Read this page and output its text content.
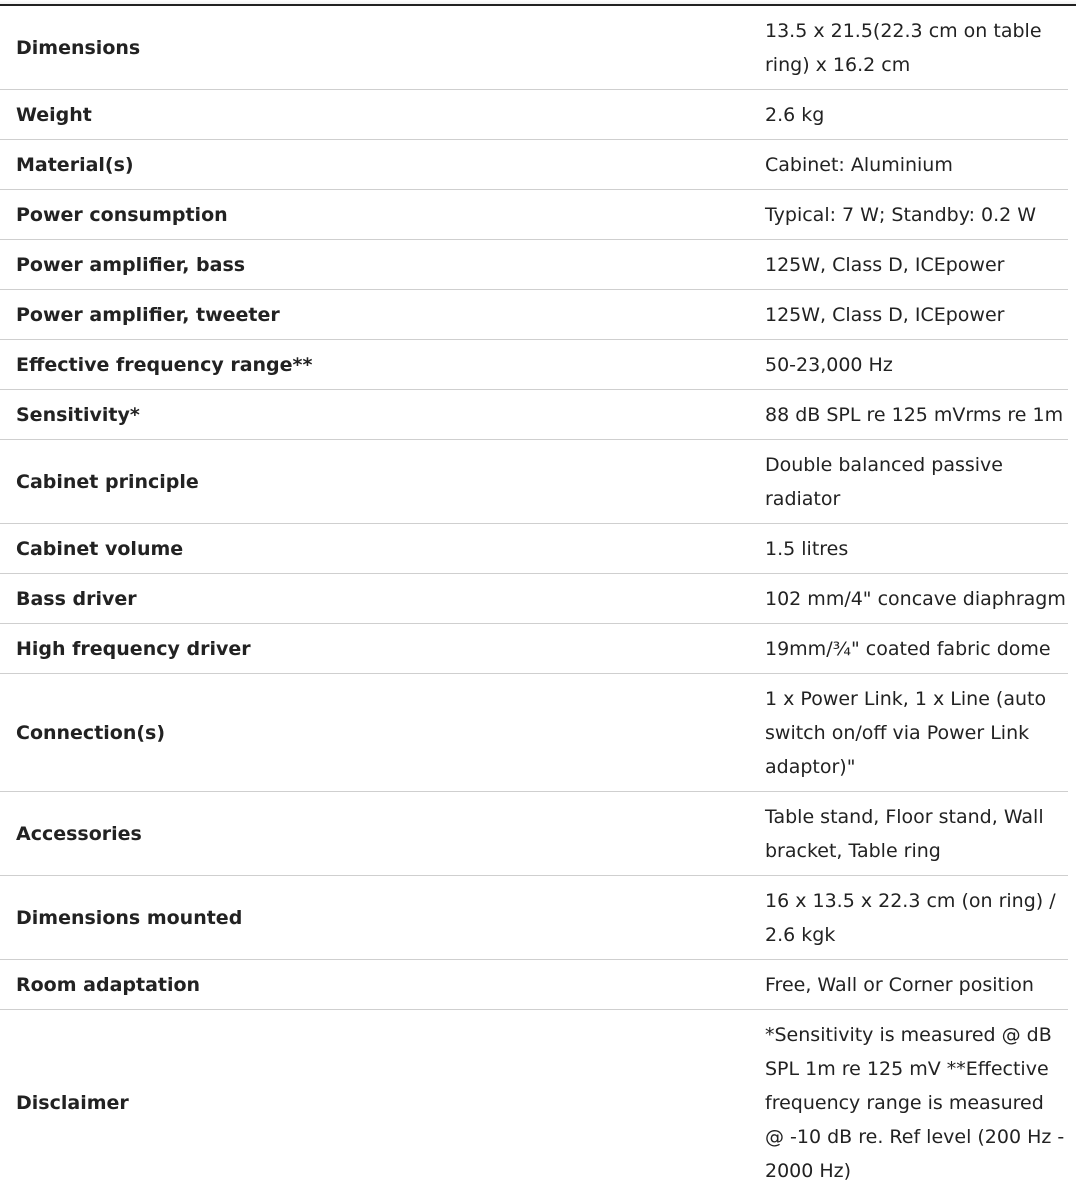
Dimensions	13.5 x 21.5(22.3 cm on table ring) x 16.2 cm
Weight	2.6 kg
Material(s)	Cabinet: Aluminium
Power consumption	Typical: 7 W; Standby: 0.2 W
Power amplifier, bass	125W, Class D, ICEpower
Power amplifier, tweeter	125W, Class D, ICEpower
Effective frequency range**	50-23,000 Hz
Sensitivity*	88 dB SPL re 125 mVrms re 1m
Cabinet principle	Double balanced passive radiator
Cabinet volume	1.5 litres
Bass driver	102 mm/4" concave diaphragm
High frequency driver	19mm/¾" coated fabric dome
Connection(s)	1 x Power Link, 1 x Line (auto switch on/off via Power Link adaptor)"
Accessories	Table stand, Floor stand, Wall bracket, Table ring
Dimensions mounted	16 x 13.5 x 22.3 cm (on ring) / 2.6 kgk
Room adaptation	Free, Wall or Corner position
Disclaimer	*Sensitivity is measured @ dB SPL 1m re 125 mV **Effective frequency range is measured @ -10 dB re. Ref level (200 Hz - 2000 Hz)
